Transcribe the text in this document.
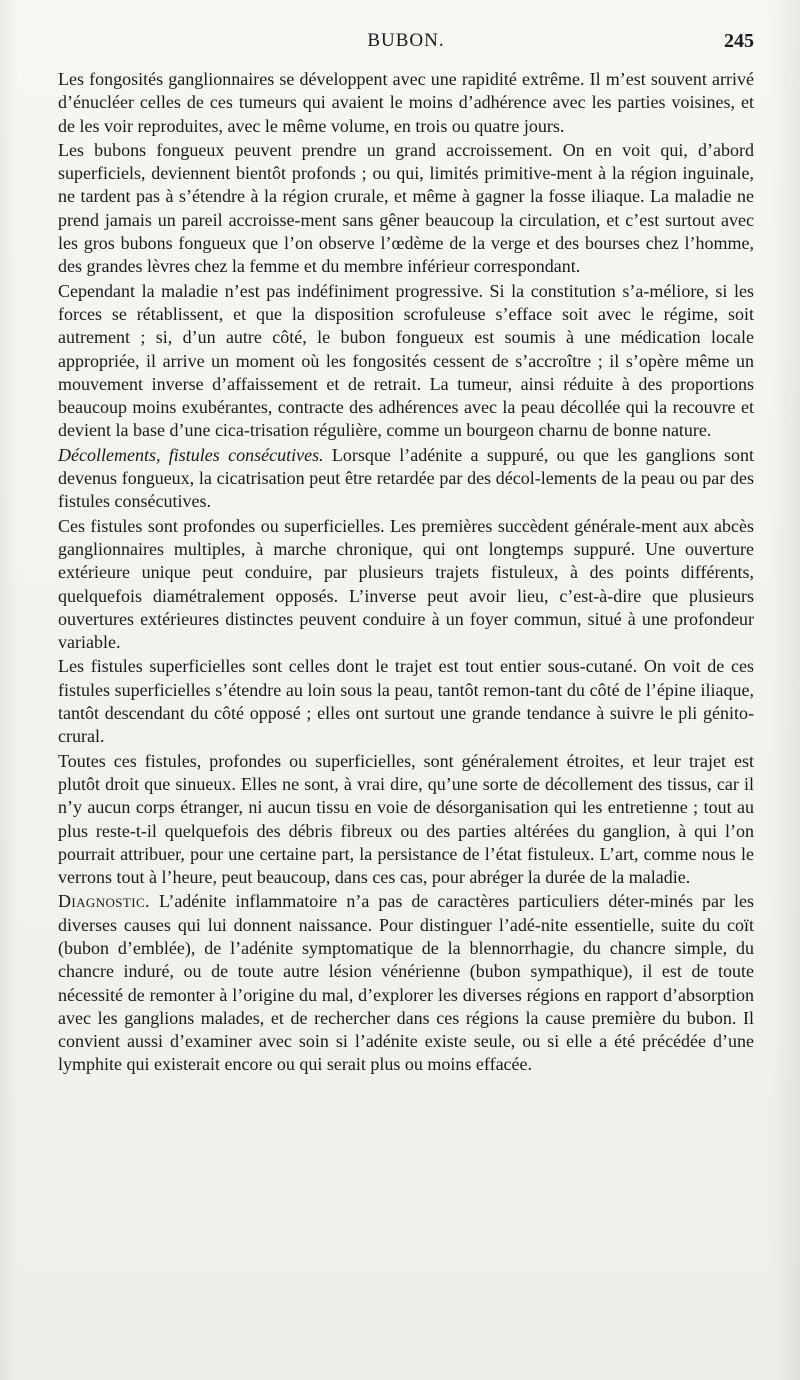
BUBON.	245

Les fongosités ganglionnaires se développent avec une rapidité extrême. Il m’est souvent arrivé d’énucléer celles de ces tumeurs qui avaient le moins d’adhérence avec les parties voisines, et de les voir reproduites, avec le même volume, en trois ou quatre jours.

Les bubons fongueux peuvent prendre un grand accroissement. On en voit qui, d’abord superficiels, deviennent bientôt profonds ; ou qui, limités primitive-ment à la région inguinale, ne tardent pas à s’étendre à la région crurale, et même à gagner la fosse iliaque. La maladie ne prend jamais un pareil accroisse-ment sans gêner beaucoup la circulation, et c’est surtout avec les gros bubons fongueux que l’on observe l’œdème de la verge et des bourses chez l’homme, des grandes lèvres chez la femme et du membre inférieur correspondant.

Cependant la maladie n’est pas indéfiniment progressive. Si la constitution s’a-méliore, si les forces se rétablissent, et que la disposition scrofuleuse s’efface soit avec le régime, soit autrement ; si, d’un autre côté, le bubon fongueux est soumis à une médication locale appropriée, il arrive un moment où les fongosités cessent de s’accroître ; il s’opère même un mouvement inverse d’affaissement et de retrait. La tumeur, ainsi réduite à des proportions beaucoup moins exubérantes, contracte des adhérences avec la peau décollée qui la recouvre et devient la base d’une cica-trisation régulière, comme un bourgeon charnu de bonne nature.

Décollements, fistules consécutives. Lorsque l’adénite a suppuré, ou que les ganglions sont devenus fongueux, la cicatrisation peut être retardée par des décol-lements de la peau ou par des fistules consécutives.

Ces fistules sont profondes ou superficielles. Les premières succèdent générale-ment aux abcès ganglionnaires multiples, à marche chronique, qui ont longtemps suppuré. Une ouverture extérieure unique peut conduire, par plusieurs trajets fistuleux, à des points différents, quelquefois diamétralement opposés. L’inverse peut avoir lieu, c’est-à-dire que plusieurs ouvertures extérieures distinctes peuvent conduire à un foyer commun, situé à une profondeur variable.

Les fistules superficielles sont celles dont le trajet est tout entier sous-cutané. On voit de ces fistules superficielles s’étendre au loin sous la peau, tantôt remon-tant du côté de l’épine iliaque, tantôt descendant du côté opposé ; elles ont surtout une grande tendance à suivre le pli génito-crural.

Toutes ces fistules, profondes ou superficielles, sont généralement étroites, et leur trajet est plutôt droit que sinueux. Elles ne sont, à vrai dire, qu’une sorte de décollement des tissus, car il n’y aucun corps étranger, ni aucun tissu en voie de désorganisation qui les entretienne ; tout au plus reste-t-il quelquefois des débris fibreux ou des parties altérées du ganglion, à qui l’on pourrait attribuer, pour une certaine part, la persistance de l’état fistuleux. L’art, comme nous le verrons tout à l’heure, peut beaucoup, dans ces cas, pour abréger la durée de la maladie.

Diagnostic. L’adénite inflammatoire n’a pas de caractères particuliers déter-minés par les diverses causes qui lui donnent naissance. Pour distinguer l’adé-nite essentielle, suite du coït (bubon d’emblée), de l’adénite symptomatique de la blennorrhagie, du chancre simple, du chancre induré, ou de toute autre lésion vénérienne (bubon sympathique), il est de toute nécessité de remonter à l’origine du mal, d’explorer les diverses régions en rapport d’absorption avec les ganglions malades, et de rechercher dans ces régions la cause première du bubon. Il convient aussi d’examiner avec soin si l’adénite existe seule, ou si elle a été précédée d’une lymphite qui existerait encore ou qui serait plus ou moins effacée.
